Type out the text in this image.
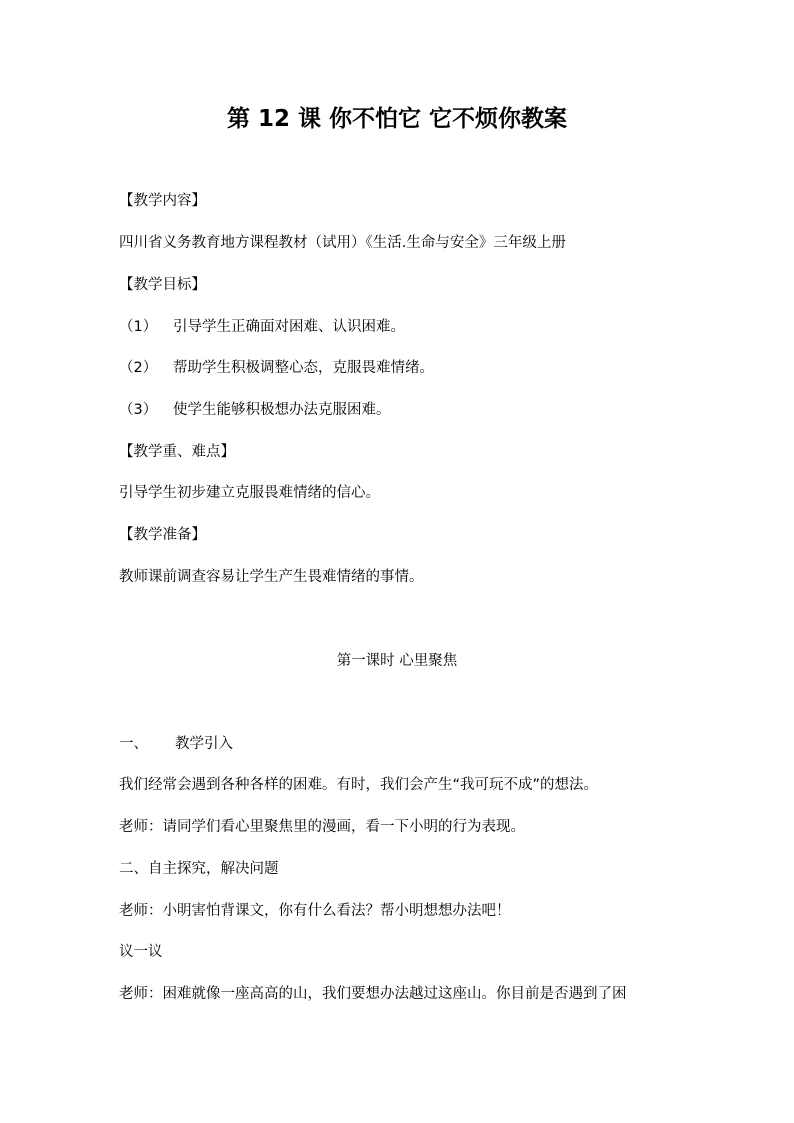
第 12 课 你不怕它 它不烦你教案
【教学内容】
四川省义务教育地方课程教材（试用）《生活.生命与安全》三年级上册
【教学目标】
（1） 引导学生正确面对困难、认识困难。
（2） 帮助学生积极调整心态，克服畏难情绪。
（3） 使学生能够积极想办法克服困难。
【教学重、难点】
引导学生初步建立克服畏难情绪的信心。
【教学准备】
教师课前调查容易让学生产生畏难情绪的事情。
第一课时 心里聚焦
一、 教学引入
我们经常会遇到各种各样的困难。有时，我们会产生“我可玩不成”的想法。
老师：请同学们看心里聚焦里的漫画，看一下小明的行为表现。
二、自主探究，解决问题
老师：小明害怕背课文，你有什么看法？帮小明想想办法吧！
议一议
老师：困难就像一座高高的山，我们要想办法越过这座山。你目前是否遇到了困
